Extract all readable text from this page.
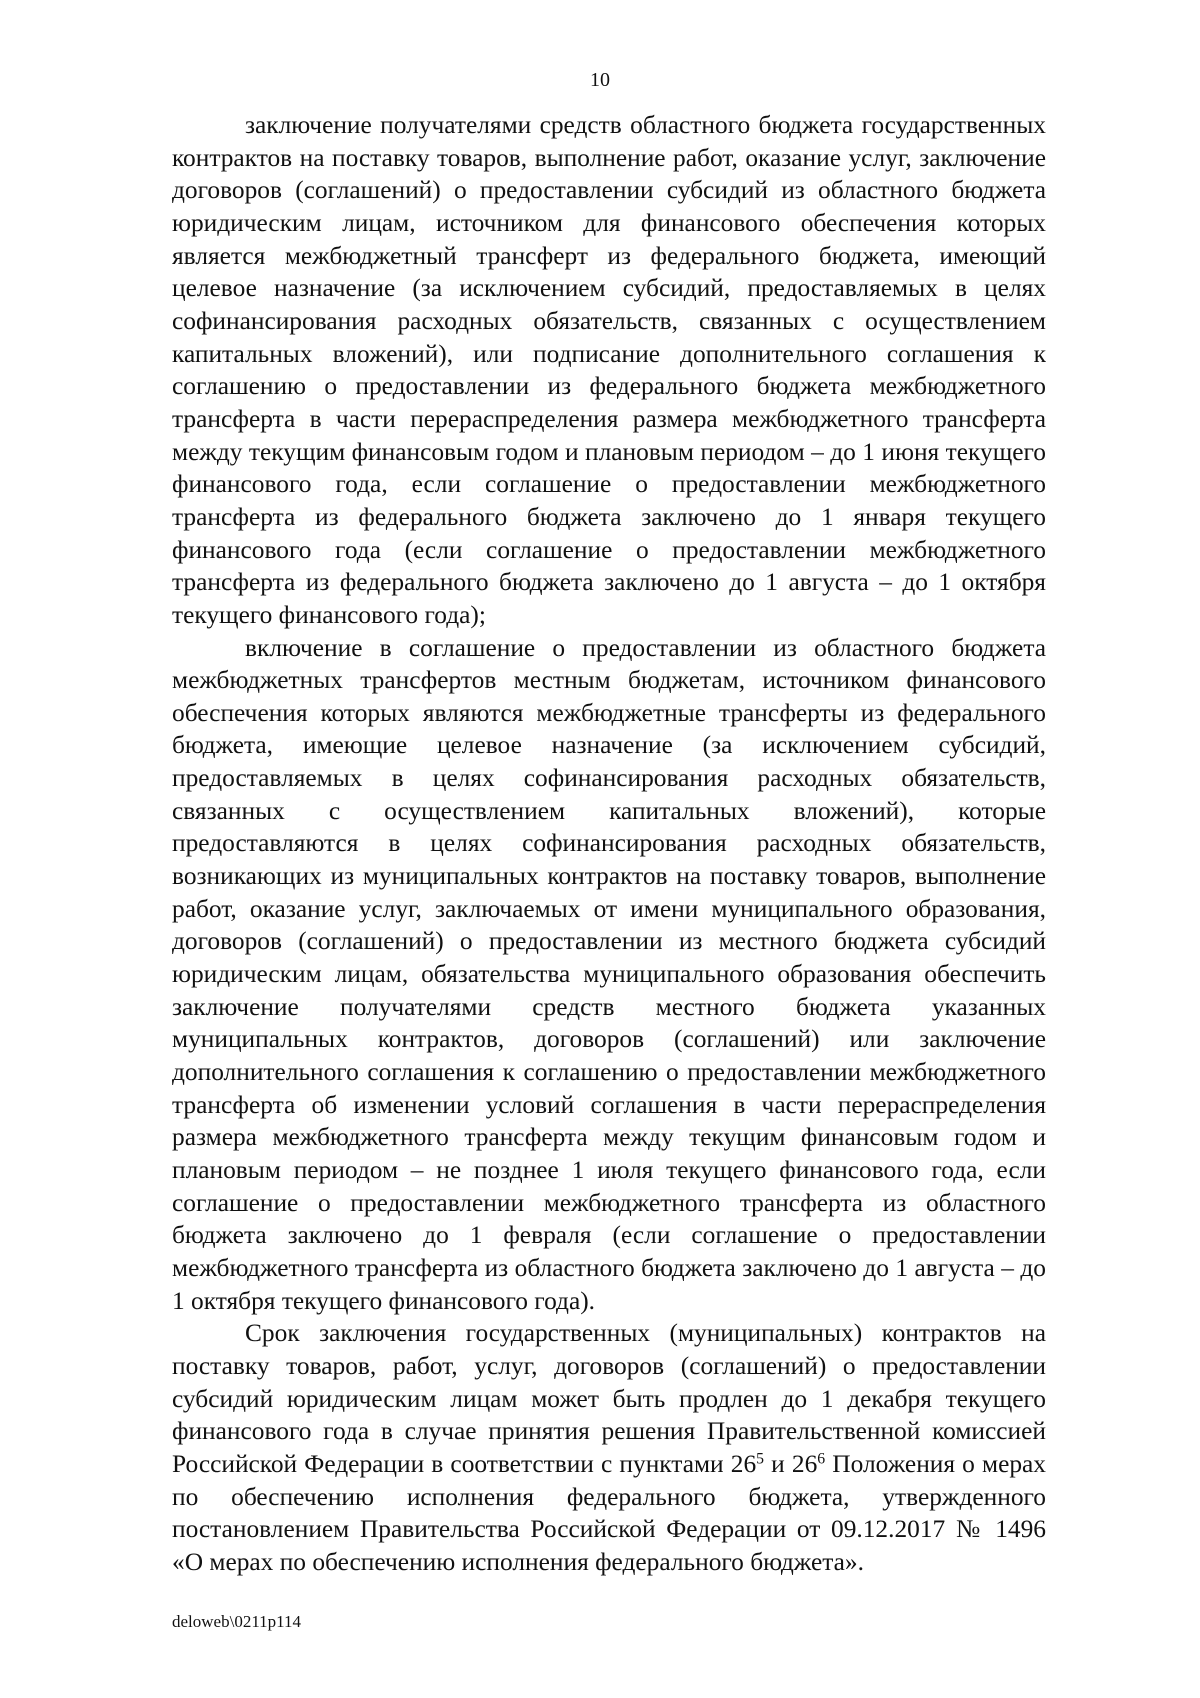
10

заключение получателями средств областного бюджета государственных контрактов на поставку товаров, выполнение работ, оказание услуг, заключение договоров (соглашений) о предоставлении субсидий из областного бюджета юридическим лицам, источником для финансового обеспечения которых является межбюджетный трансферт из федерального бюджета, имеющий целевое назначение (за исключением субсидий, предоставляемых в целях софинансирования расходных обязательств, связанных с осуществлением капитальных вложений), или подписание дополнительного соглашения к соглашению о предоставлении из федерального бюджета межбюджетного трансферта в части перераспределения размера межбюджетного трансферта между текущим финансовым годом и плановым периодом – до 1 июня текущего финансового года, если соглашение о предоставлении межбюджетного трансферта из федерального бюджета заключено до 1 января текущего финансового года (если соглашение о предоставлении межбюджетного трансферта из федерального бюджета заключено до 1 августа – до 1 октября текущего финансового года);

включение в соглашение о предоставлении из областного бюджета межбюджетных трансфертов местным бюджетам, источником финансового обеспечения которых являются межбюджетные трансферты из федерального бюджета, имеющие целевое назначение (за исключением субсидий, предоставляемых в целях софинансирования расходных обязательств, связанных с осуществлением капитальных вложений), которые предоставляются в целях софинансирования расходных обязательств, возникающих из муниципальных контрактов на поставку товаров, выполнение работ, оказание услуг, заключаемых от имени муниципального образования, договоров (соглашений) о предоставлении из местного бюджета субсидий юридическим лицам, обязательства муниципального образования обеспечить заключение получателями средств местного бюджета указанных муниципальных контрактов, договоров (соглашений) или заключение дополнительного соглашения к соглашению о предоставлении межбюджетного трансферта об изменении условий соглашения в части перераспределения размера межбюджетного трансферта между текущим финансовым годом и плановым периодом – не позднее 1 июля текущего финансового года, если соглашение о предоставлении межбюджетного трансферта из областного бюджета заключено до 1 февраля (если соглашение о предоставлении межбюджетного трансферта из областного бюджета заключено до 1 августа – до 1 октября текущего финансового года).

Срок заключения государственных (муниципальных) контрактов на поставку товаров, работ, услуг, договоров (соглашений) о предоставлении субсидий юридическим лицам может быть продлен до 1 декабря текущего финансового года в случае принятия решения Правительственной комиссией Российской Федерации в соответствии с пунктами $26^5$ и $26^6$ Положения о мерах по обеспечению исполнения федерального бюджета, утвержденного постановлением Правительства Российской Федерации от 09.12.2017 № 1496 «О мерах по обеспечению исполнения федерального бюджета».

deloweb\0211p114
